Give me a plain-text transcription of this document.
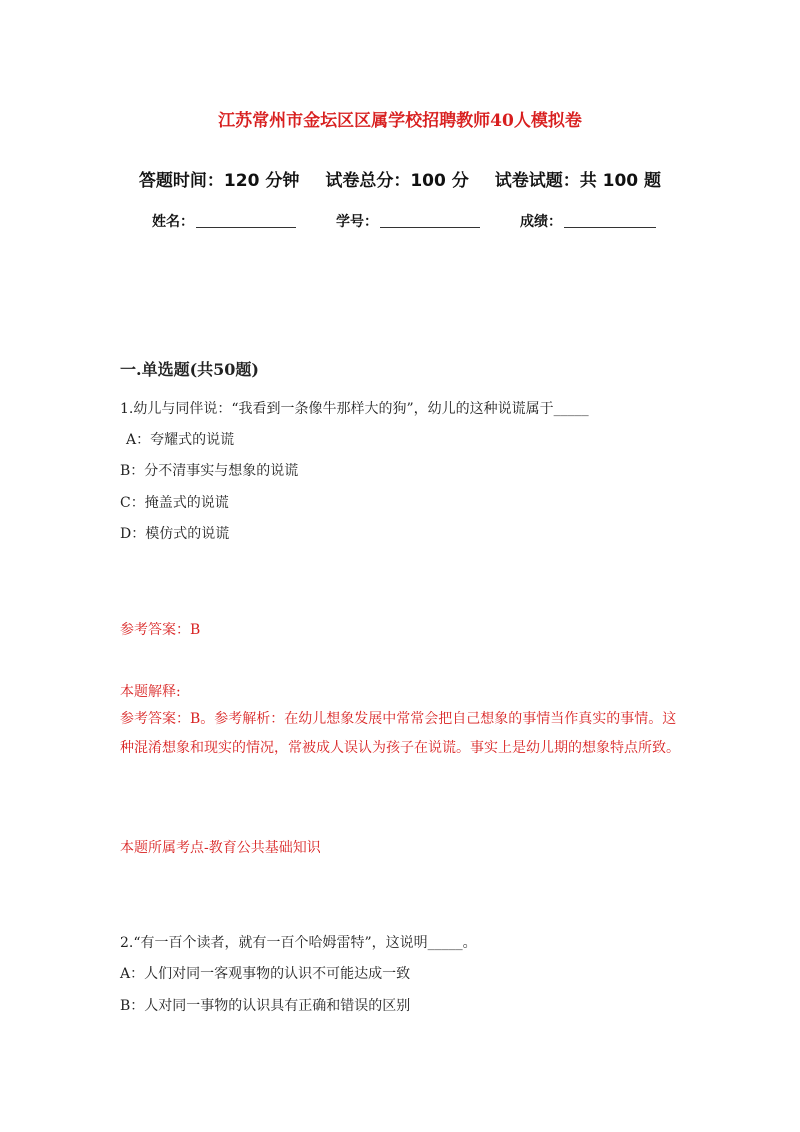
江苏常州市金坛区区属学校招聘教师40人模拟卷
答题时间：120 分钟 试卷总分：100 分 试卷试题：共 100 题
姓名：	学号：	成绩：
一.单选题(共50题)
1.幼儿与同伴说：“我看到一条像牛那样大的狗”，幼儿的这种说谎属于_____
A：夸耀式的说谎
B：分不清事实与想象的说谎
C：掩盖式的说谎
D：模仿式的说谎
参考答案：B
本题解释:
参考答案：B。参考解析：在幼儿想象发展中常常会把自己想象的事情当作真实的事情。这种混淆想象和现实的情况，常被成人误认为孩子在说谎。事实上是幼儿期的想象特点所致。
本题所属考点-教育公共基础知识
2.“有一百个读者，就有一百个哈姆雷特”，这说明_____。
A：人们对同一客观事物的认识不可能达成一致
B：人对同一事物的认识具有正确和错误的区别
